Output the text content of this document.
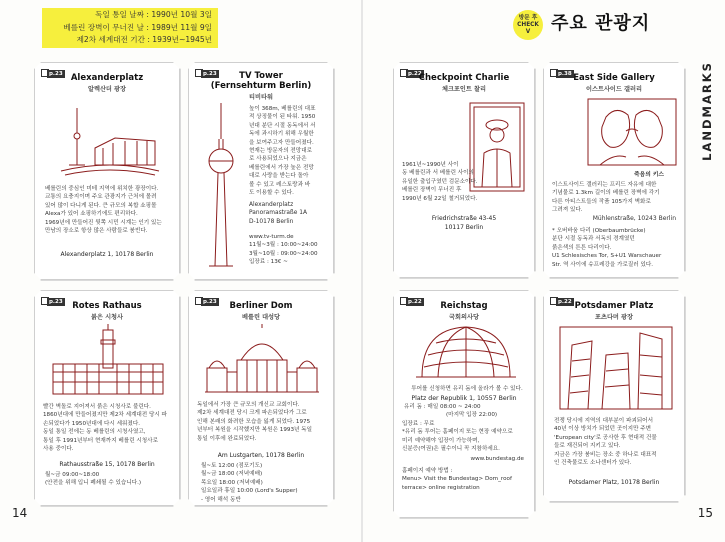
독일 통일 날짜 : 1990년 10월 3일
베를린 장벽이 무너진 날 : 1989년 11월 9일
제2차 세계대전 기간 : 1939년~1945년
p.23 Alexanderplatz
알렉산더 광장
베를린의 중심인 미테 지역에 위치한 광장이다.
교통의 요충지이며 주요 관광지가 근처에 몰려
있어 많이 다니게 된다. 큰 규모의 복합 쇼핑몰
Alexa가 있어 쇼핑하기에도 편리하다.
1969년에 만들어진 뒷쪽 시민 시계는 인기 있는
만남의 장소로 항상 많은 사람들로 붐빈다.
Alexanderplatz 1, 10178 Berlin
p.23	TV Tower
(Fernsehturm Berlin)
티비타워
높이 368m, 베를린의 대표
적 상징물이 된 타워. 1950
년대 분단 시절 동독에서 서
독에 과시하기 위해 우월한
을 보여주고자 만들어졌다.
현재는 방문자의 전망대로
로 사용되었으나 지금은
베를린에서 가장 높은 전망
대로 사랑을 받는다 돌아
볼 수 있고 레스토랑과 바
도 이용할 수 있다.
Alexanderplatz
Panoramastraße 1A
D-10178 Berlin
www.tv-turm.de
11월~3월 : 10:00~24:00
3월~10월 : 09:00~24:00
입장료 : 13€ ~
p.23	Rotes Rathaus
붉은 시청사
빨간 벽돌로 지어져서 붉은 시청사로 불린다.
1860년대에 만들어졌지만 제2차 세계대전 당시 파
손되었다가 1950년대에 다시 세워졌다.
동일 통일 전에는 동 베를린의 시청사였고,
통일 후 1991년부터 현재까지 베를린 시청사로
사용 중이다.
Rathausstraße 15, 10178 Berlin
월~금 09:00~18:00
(안전을 위해 입니 폐쇄될 수 있습니다.)
p.23	Berliner Dom
베를린 대성당
독일에서 가장 큰 규모의 개신교 교회이다.
제2차 세계대전 당시 크게 파손되었다가 그로
인해 본래의 화려한 모습을 잃게 되었다. 1975
년부터 복원을 시작했지만 복원은 1993년 독일
통일 이후에 완료되었다.
Am Lustgarten, 10178 Berlin
월~토 12:00 (점포기도)
월~금 18:00 (저녁예배)
목요일 18:00 (저녁예배)
일요일과 휴일 10:00 (Lord's Supper)
- 영어 해석 동반
14
방문 후
CHECK
V	주요 관광지
LANDMARKS
p.22
Checkpoint Charlie
체크포인트 찰리
1961년~1990년 사이
동 베를린과 서 베를린 사이의
유일한 출입구였던 검문소이다.
베를린 장벽이 무너진 후
1990년 6월 22일 철거되었다.
Friedrichstraße 43-45
10117 Berlin
p.38 East Side Gallery
이스트사이드 갤러리
죽음의 키스
이스트사이드 갤러리는 프리드 자유에 대한
기념물로 1.3km 길이의 베를린 장벽에 각기
다른 아티스트들의 작품 105가지 벽화로
그려져 있다.
Mühlenstraße, 10243 Berlin
* 오버바움 다리 (Oberbaumbrücke)
분단 시절 동독과 서독의 경계였던
붉은색의 튼튼 다리이다.
U1 Schlesisches Tor, S+U1 Warschauer
Str. 역 사이에 슈프레강을 가로질러 있다.
p.22	Reichstag
국회의사당
투어를 신청하면 유리 돔에 올라가 볼 수 있다.
Platz der Republik 1, 10557 Berlin
유리 돔 : 매일 08:00 ~ 24:00
(마지막 입장 22:00)
입장료 : 무료
*유리 돔 투어는 홈페이지 또는 현장 예약으로
미리 예약해야 입장이 가능하며,
신분증(여권)은 필수이니 꼭 지참하세요.
www.bundestag.de
홈페이지 예약 방법 :
Menu> Visit the Bundestag> Dom_roof
terrace> online registration
p.22 Potsdamer Platz
포츠다머 광장
전쟁 당시에 지역의 대부분이 파괴되어서
40년 이상 방치가 되었던 곳이지만 주변
'European city'로 공사한 후 현대적 건물
들로 재건되어 지키고 있다.
지금은 가장 붐비는 장소 중 하나로 대표적
인 건축물로도 소나센터가 있다.
Potsdamer Platz, 10178 Berlin
15
